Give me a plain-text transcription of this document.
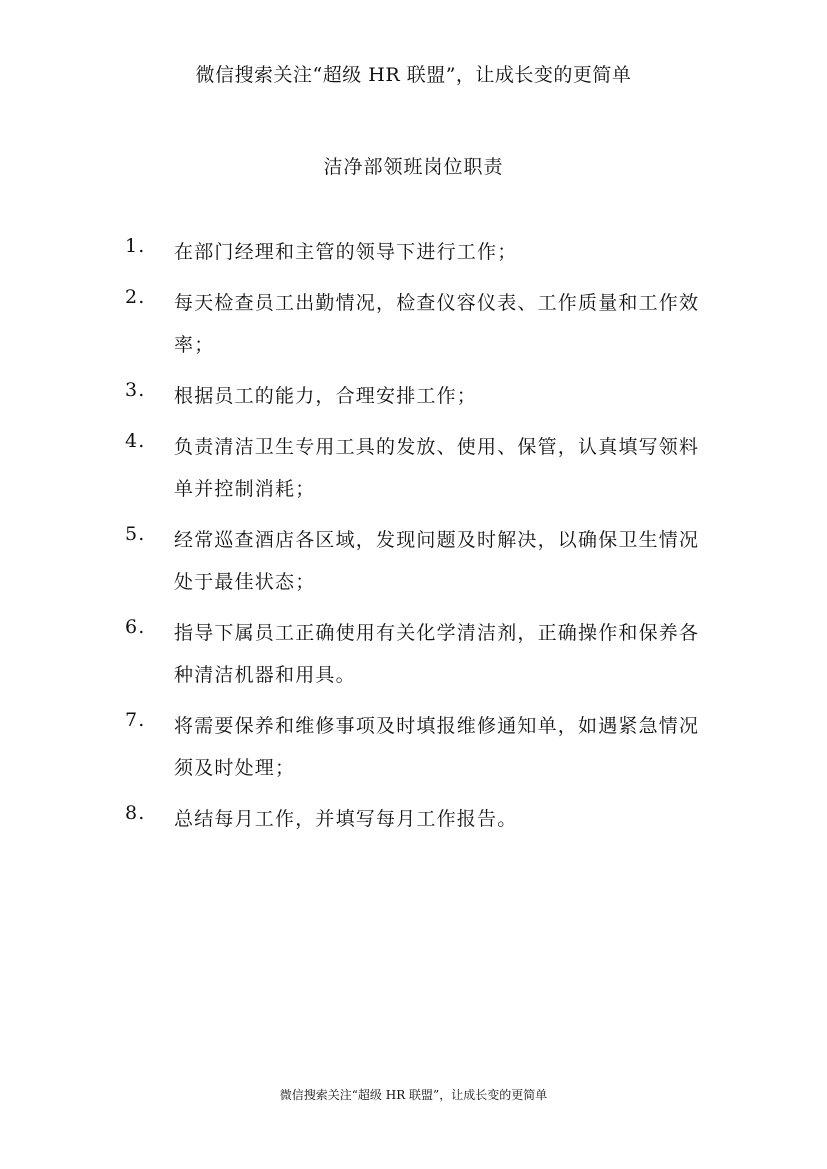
微信搜索关注“超级 HR 联盟”，让成长变的更简单
洁净部领班岗位职责
1. 在部门经理和主管的领导下进行工作；
2. 每天检查员工出勤情况，检查仪容仪表、工作质量和工作效率；
3. 根据员工的能力，合理安排工作；
4. 负责清洁卫生专用工具的发放、使用、保管，认真填写领料单并控制消耗；
5. 经常巡查酒店各区域，发现问题及时解决，以确保卫生情况处于最佳状态；
6. 指导下属员工正确使用有关化学清洁剂，正确操作和保养各种清洁机器和用具。
7. 将需要保养和维修事项及时填报维修通知单，如遇紧急情况须及时处理；
8. 总结每月工作，并填写每月工作报告。
微信搜索关注“超级 HR 联盟”，让成长变的更简单
